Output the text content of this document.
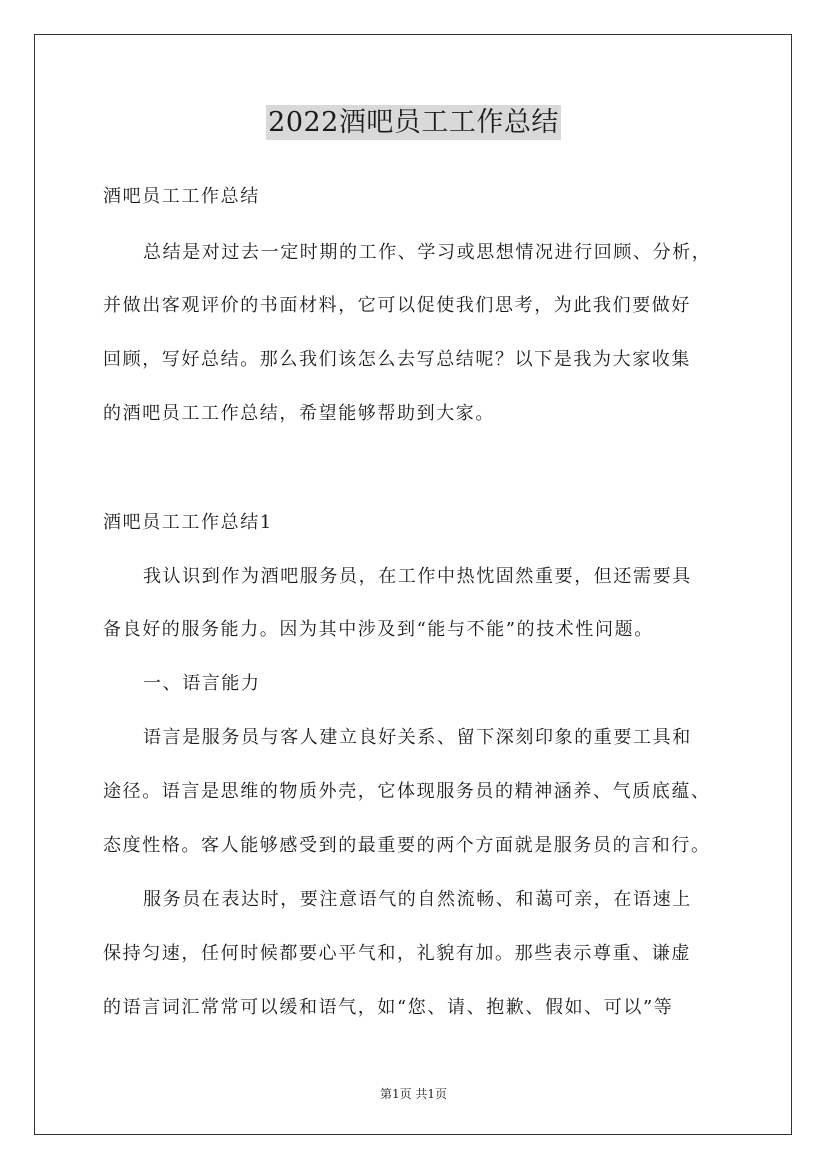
2022酒吧员工工作总结
酒吧员工工作总结
总结是对过去一定时期的工作、学习或思想情况进行回顾、分析，
并做出客观评价的书面材料，它可以促使我们思考，为此我们要做好
回顾，写好总结。那么我们该怎么去写总结呢？以下是我为大家收集
的酒吧员工工作总结，希望能够帮助到大家。
酒吧员工工作总结1
我认识到作为酒吧服务员，在工作中热忱固然重要，但还需要具
备良好的服务能力。因为其中涉及到“能与不能”的技术性问题。
一、语言能力
语言是服务员与客人建立良好关系、留下深刻印象的重要工具和
途径。语言是思维的物质外壳，它体现服务员的精神涵养、气质底蕴、
态度性格。客人能够感受到的最重要的两个方面就是服务员的言和行。
服务员在表达时，要注意语气的自然流畅、和蔼可亲，在语速上
保持匀速，任何时候都要心平气和，礼貌有加。那些表示尊重、谦虚
的语言词汇常常可以缓和语气，如“您、请、抱歉、假如、可以”等
第1页 共1页
